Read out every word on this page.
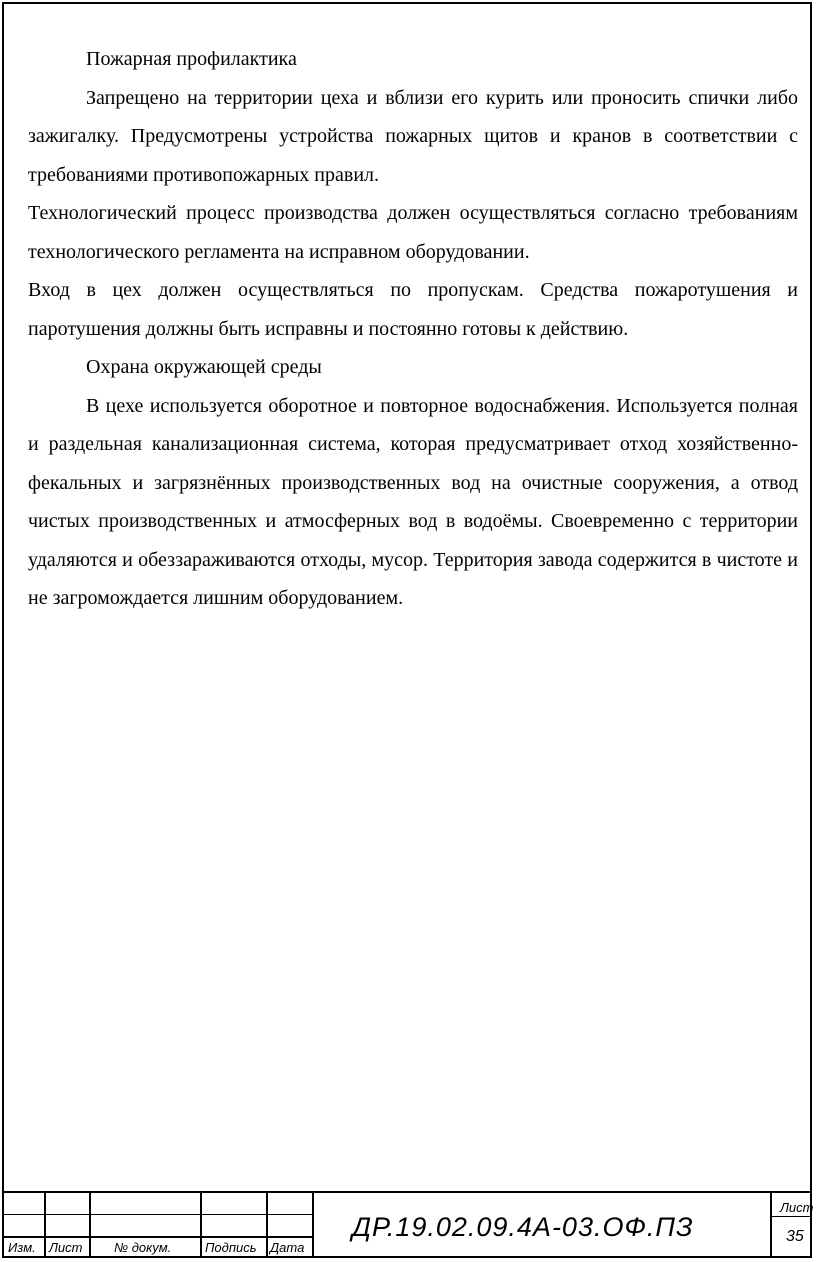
Пожарная профилактика

Запрещено на территории цеха и вблизи его курить или проносить спички либо зажигалку. Предусмотрены устройства пожарных щитов и кранов в соответствии с требованиями противопожарных правил.

Технологический процесс производства должен осуществляться согласно требованиям технологического регламента на исправном оборудовании.

Вход в цех должен осуществляться по пропускам. Средства пожаротушения и паротушения должны быть исправны и постоянно готовы к действию.

Охрана окружающей среды

В цехе используется оборотное и повторное водоснабжения. Используется полная и раздельная канализационная система, которая предусматривает отход хозяйственно-фекальных и загрязнённых производственных вод на очистные сооружения, а отвод чистых производственных и атмосферных вод в водоёмы. Своевременно с территории удаляются и обеззараживаются отходы, мусор. Территория завода содержится в чистоте и не загромождается лишним оборудованием.

Изм. Лист № докум.	Подпись Дата
ДР.19.02.09.4А-03.ОФ.ПЗ
Лист
35
